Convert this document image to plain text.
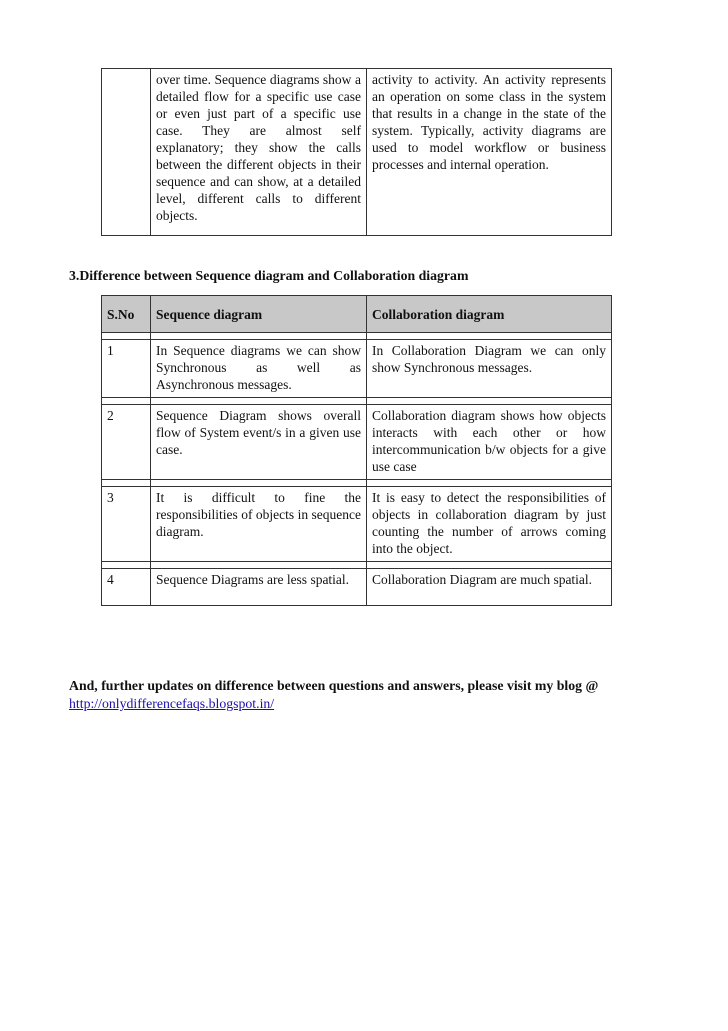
	over time. Sequence diagrams show a detailed flow for a specific use case or even just part of a specific use case. They are almost self explanatory; they show the calls between the different objects in their sequence and can show, at a detailed level, different calls to different objects.	activity to activity. An activity represents an operation on some class in the system that results in a change in the state of the system. Typically, activity diagrams are used to model workflow or business processes and internal operation.
3.Difference between Sequence diagram and Collaboration diagram
S.No	Sequence diagram	Collaboration diagram

1	In Sequence diagrams we can show Synchronous as well as Asynchronous messages.	In Collaboration Diagram we can only show Synchronous messages.

2	Sequence Diagram shows overall flow of System event/s in a given use case.	Collaboration diagram shows how objects interacts with each other or how intercommunication b/w objects for a give use case

3	It is difficult to fine the responsibilities of objects in sequence diagram.	It is easy to detect the responsibilities of objects in collaboration diagram by just counting the number of arrows coming into the object.

4	Sequence Diagrams are less spatial.	Collaboration Diagram are much spatial.
And, further updates on difference between questions and answers, please visit my blog @
http://onlydifferencefaqs.blogspot.in/
